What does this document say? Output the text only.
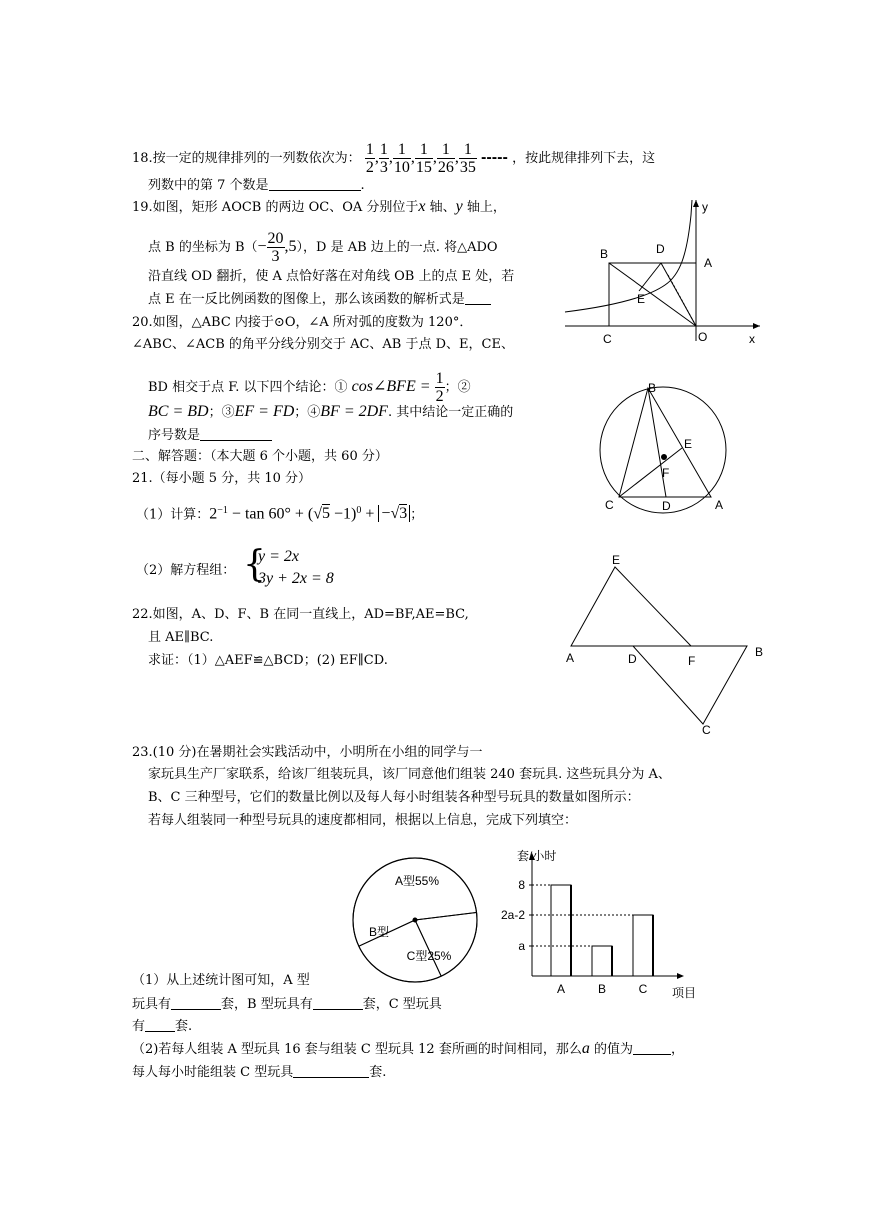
18.按一定的规律排列的一列数依次为： $\frac{1}{2}$ , $\frac{1}{3}$ , $\frac{1}{10}$ , $\frac{1}{15}$ , $\frac{1}{26}$ , $\frac{1}{35}$ ----- ，按此规律排列下去，这
列数中的第 7 个数是	.
19.如图，矩形 AOCB 的两边 OC、OA 分别位于x 轴、y 轴上，
点 B 的坐标为 $B(- \frac{20}{3} ,5)$，D 是 AB 边上的一点. 将△ADO
沿直线 OD 翻折，使 A 点恰好落在对角线 OB 上的点 E 处，若
点 E 在一反比例函数的图像上，那么该函数的解析式是
y
B	D
A
E
C	O	x
20.如图，△ABC 内接于⊙O，∠A 所对弧的度数为 120°．
∠ABC、∠ACB 的角平分线分别交于 AC、AB 于点 D、E，CE、
BD 相交于点 F. 以下四个结论：① cos∠BFE = $\frac{1}{2}$ ；②
BC = BD；③EF = FD；④BF = 2DF. 其中结论一定正确的
序号数是
B
E
F
C	D	A
二、解答题：（本大题 6 个小题，共 60 分）
21.（每小题 5 分，共 10 分）
（1）计算：$2^{-1} - \tan 60^\circ + (√5 -1)^0 + -√3$ ；
（2）解方程组： {
y = 2x
3y + 2x = 8
22.如图，A、D、F、B 在同一直线上，AD=BF,AE=BC,
且 AE∥BC.
求证：（1）△AEF≌△BCD；(2) EF∥CD.
E
A	D	F
B
C
23.(10 分)在暑期社会实践活动中，小明所在小组的同学与一
家玩具生产厂家联系，给该厂组装玩具，该厂同意他们组装 240 套玩具. 这些玩具分为 A、
B、C 三种型号，它们的数量比例以及每人每小时组装各种型号玩具的数量如图所示：
若每人组装同一种型号玩具的速度都相同，根据以上信息，完成下列填空：
A型55%
B型
C型25%
套/小时
项目
8
2a-2
a
A	B	C
（1）从上述统计图可知，A 型
玩具有	套，B 型玩具有	套，C 型玩具
有 套.
（2)若每人组装 A 型玩具 16 套与组装 C 型玩具 12 套所画的时间相同，那么a 的值为	，
每人每小时能组装 C 型玩具	套.
